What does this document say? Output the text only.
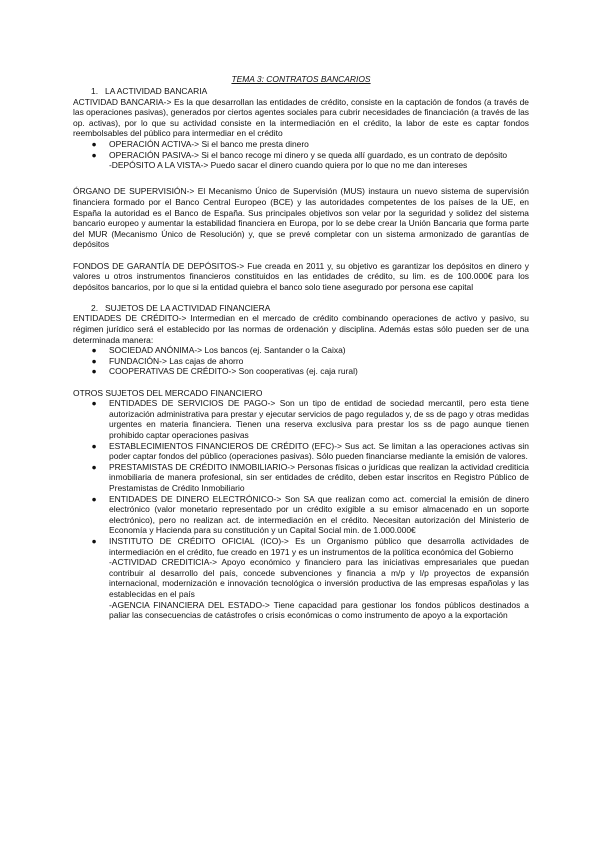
TEMA 3: CONTRATOS BANCARIOS
1. LA ACTIVIDAD BANCARIA

ACTIVIDAD BANCARIA-> Es la que desarrollan las entidades de crédito, consiste en la captación de fondos (a través de las operaciones pasivas), generados por ciertos agentes sociales para cubrir necesidades de financiación (a través de las op. activas), por lo que su actividad consiste en la intermediación en el crédito, la labor de este es captar fondos reembolsables del público para intermediar en el crédito

● OPERACIÓN ACTIVA-> Si el banco me presta dinero
● OPERACIÓN PASIVA-> Si el banco recoge mi dinero y se queda allí guardado, es un contrato de depósito

-DEPÓSITO A LA VISTA-> Puedo sacar el dinero cuando quiera por lo que no me dan intereses

ÓRGANO DE SUPERVISIÓN-> El Mecanismo Único de Supervisión (MUS) instaura un nuevo sistema de supervisión financiera formado por el Banco Central Europeo (BCE) y las autoridades competentes de los países de la UE, en España la autoridad es el Banco de España. Sus principales objetivos son velar por la seguridad y solidez del sistema bancario europeo y aumentar la estabilidad financiera en Europa, por lo se debe crear la Unión Bancaria que forma parte del MUR (Mecanismo Único de Resolución) y, que se prevé completar con un sistema armonizado de garantías de depósitos

FONDOS DE GARANTÍA DE DEPÓSITOS-> Fue creada en 2011 y, su objetivo es garantizar los depósitos en dinero y valores u otros instrumentos financieros constituidos en las entidades de crédito, su lim. es de 100.000€ para los depósitos bancarios, por lo que si la entidad quiebra el banco solo tiene asegurado por persona ese capital

2. SUJETOS DE LA ACTIVIDAD FINANCIERA

ENTIDADES DE CRÉDITO-> Intermedian en el mercado de crédito combinando operaciones de activo y pasivo, su régimen jurídico será el establecido por las normas de ordenación y disciplina. Además estas sólo pueden ser de una determinada manera:

● SOCIEDAD ANÓNIMA-> Los bancos (ej. Santander o la Caixa)
● FUNDACIÓN-> Las cajas de ahorro
● COOPERATIVAS DE CRÉDITO-> Son cooperativas (ej. caja rural)

OTROS SUJETOS DEL MERCADO FINANCIERO

● ENTIDADES DE SERVICIOS DE PAGO-> Son un tipo de entidad de sociedad mercantil, pero esta tiene autorización administrativa para prestar y ejecutar servicios de pago regulados y, de ss de pago y otras medidas urgentes en materia financiera. Tienen una reserva exclusiva para prestar los ss de pago aunque tienen prohibido captar operaciones pasivas
● ESTABLECIMIENTOS FINANCIEROS DE CRÉDITO (EFC)-> Sus act. Se limitan a las operaciones activas sin poder captar fondos del público (operaciones pasivas). Sólo pueden financiarse mediante la emisión de valores.
● PRESTAMISTAS DE CRÉDITO INMOBILIARIO-> Personas físicas o jurídicas que realizan la actividad crediticia inmobiliaria de manera profesional, sin ser entidades de crédito, deben estar inscritos en Registro Público de Prestamistas de Crédito Inmobiliario
● ENTIDADES DE DINERO ELECTRÓNICO-> Son SA que realizan como act. comercial la emisión de dinero electrónico (valor monetario representado por un crédito exigible a su emisor almacenado en un soporte electrónico), pero no realizan act. de intermediación en el crédito. Necesitan autorización del Ministerio de Economía y Hacienda para su constitución y un Capital Social min. de 1.000.000€
● INSTITUTO DE CRÉDITO OFICIAL (ICO)-> Es un Organismo público que desarrolla actividades de intermediación en el crédito, fue creado en 1971 y es un instrumentos de la política económica del Gobierno

-ACTIVIDAD CREDITICIA-> Apoyo económico y financiero para las iniciativas empresariales que puedan contribuir al desarrollo del país, concede subvenciones y financia a m/p y l/p proyectos de expansión internacional, modernización e innovación tecnológica o inversión productiva de las empresas españolas y las establecidas en el país

-AGENCIA FINANCIERA DEL ESTADO-> Tiene capacidad para gestionar los fondos públicos destinados a paliar las consecuencias de catástrofes o crisis económicas o como instrumento de apoyo a la exportación
